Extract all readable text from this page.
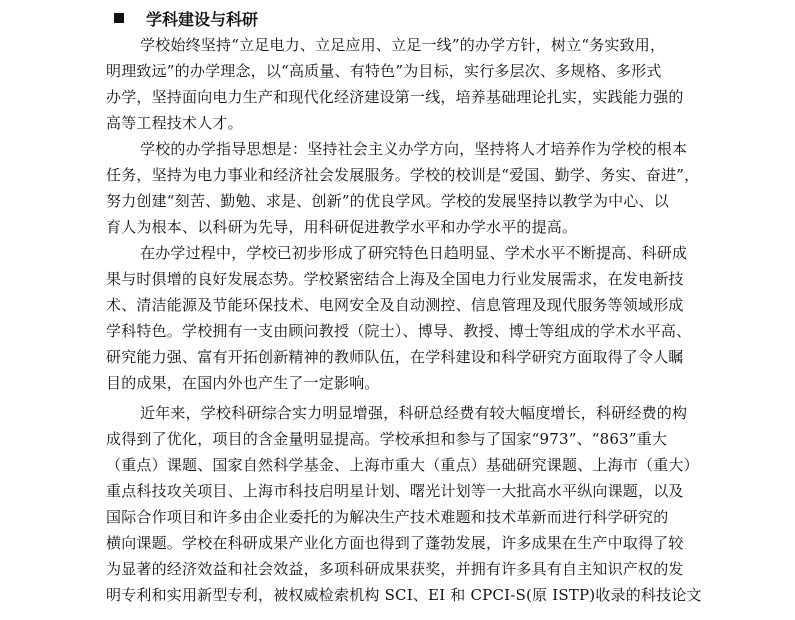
学科建设与科研
学校始终坚持“立足电力、立足应用、立足一线”的办学方针，树立“务实致用，
明理致远”的办学理念，以“高质量、有特色”为目标，实行多层次、多规格、多形式
办学，坚持面向电力生产和现代化经济建设第一线，培养基础理论扎实，实践能力强的
高等工程技术人才。
学校的办学指导思想是：坚持社会主义办学方向，坚持将人才培养作为学校的根本
任务，坚持为电力事业和经济社会发展服务。学校的校训是“爱国、勤学、务实、奋进”，
努力创建“刻苦、勤勉、求是、创新”的优良学风。学校的发展坚持以教学为中心、以
育人为根本、以科研为先导，用科研促进教学水平和办学水平的提高。
在办学过程中，学校已初步形成了研究特色日趋明显、学术水平不断提高、科研成
果与时俱增的良好发展态势。学校紧密结合上海及全国电力行业发展需求，在发电新技
术、清洁能源及节能环保技术、电网安全及自动测控、信息管理及现代服务等领域形成
学科特色。学校拥有一支由顾问教授（院士）、博导、教授、博士等组成的学术水平高、
研究能力强、富有开拓创新精神的教师队伍，在学科建设和科学研究方面取得了令人瞩
目的成果，在国内外也产生了一定影响。
近年来，学校科研综合实力明显增强，科研总经费有较大幅度增长，科研经费的构
成得到了优化，项目的含金量明显提高。学校承担和参与了国家“973”、“863”重大
（重点）课题、国家自然科学基金、上海市重大（重点）基础研究课题、上海市（重大）
重点科技攻关项目、上海市科技启明星计划、曙光计划等一大批高水平纵向课题，以及
国际合作项目和许多由企业委托的为解决生产技术难题和技术革新而进行科学研究的
横向课题。学校在科研成果产业化方面也得到了蓬勃发展，许多成果在生产中取得了较
为显著的经济效益和社会效益，多项科研成果获奖，并拥有许多具有自主知识产权的发
明专利和实用新型专利，被权威检索机构 SCI、EI 和 CPCI-S(原 ISTP)收录的科技论文
